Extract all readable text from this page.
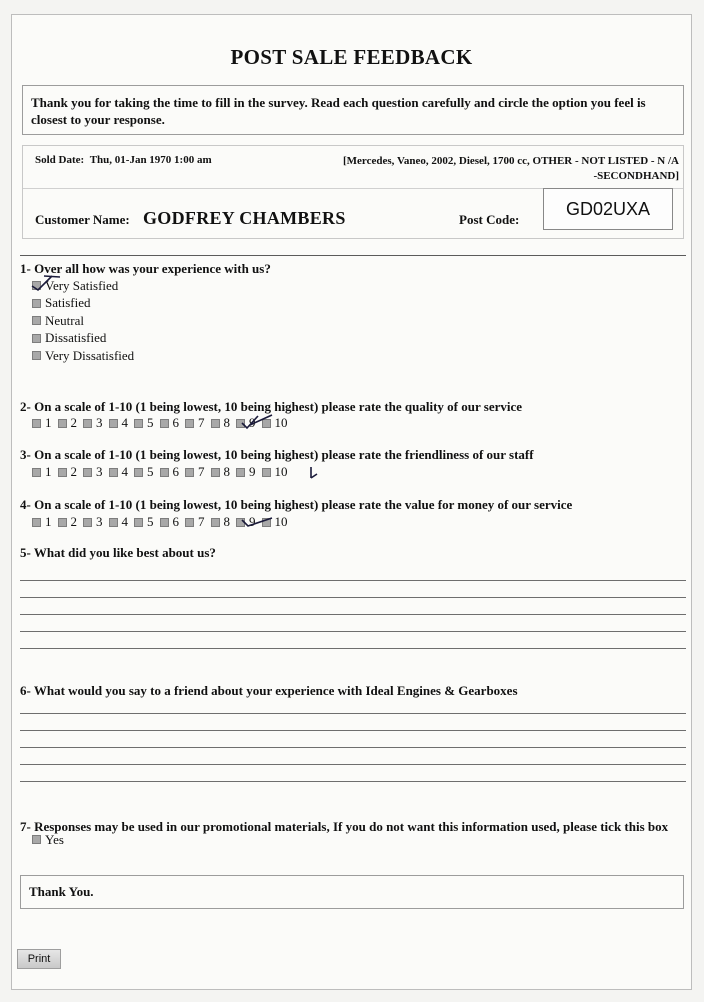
POST SALE FEEDBACK
Thank you for taking the time to fill in the survey. Read each question carefully and circle the option you feel is closest to your response.
Sold Date: Thu, 01-Jan 1970 1:00 am	[Mercedes, Vaneo, 2002, Diesel, 1700 cc, OTHER - NOT LISTED - N /A
-SECONDHAND]
Customer Name: GODFREY CHAMBERS	Post Code:
GD02UXA
1- Over all how was your experience with us?
Very Satisfied
Satisfied
Neutral
Dissatisfied
Very Dissatisfied
2- On a scale of 1-10 (1 being lowest, 10 being highest) please rate the quality of our service
1 2 3 4 5 6 7 8 9 10
3- On a scale of 1-10 (1 being lowest, 10 being highest) please rate the friendliness of our staff
1 2 3 4 5 6 7 8 9 10
4- On a scale of 1-10 (1 being lowest, 10 being highest) please rate the value for money of our service
1 2 3 4 5 6 7 8 9 10
5- What did you like best about us?
6- What would you say to a friend about your experience with Ideal Engines & Gearboxes
7- Responses may be used in our promotional materials, If you do not want this information used, please tick this box
Yes
Thank You.
Print
